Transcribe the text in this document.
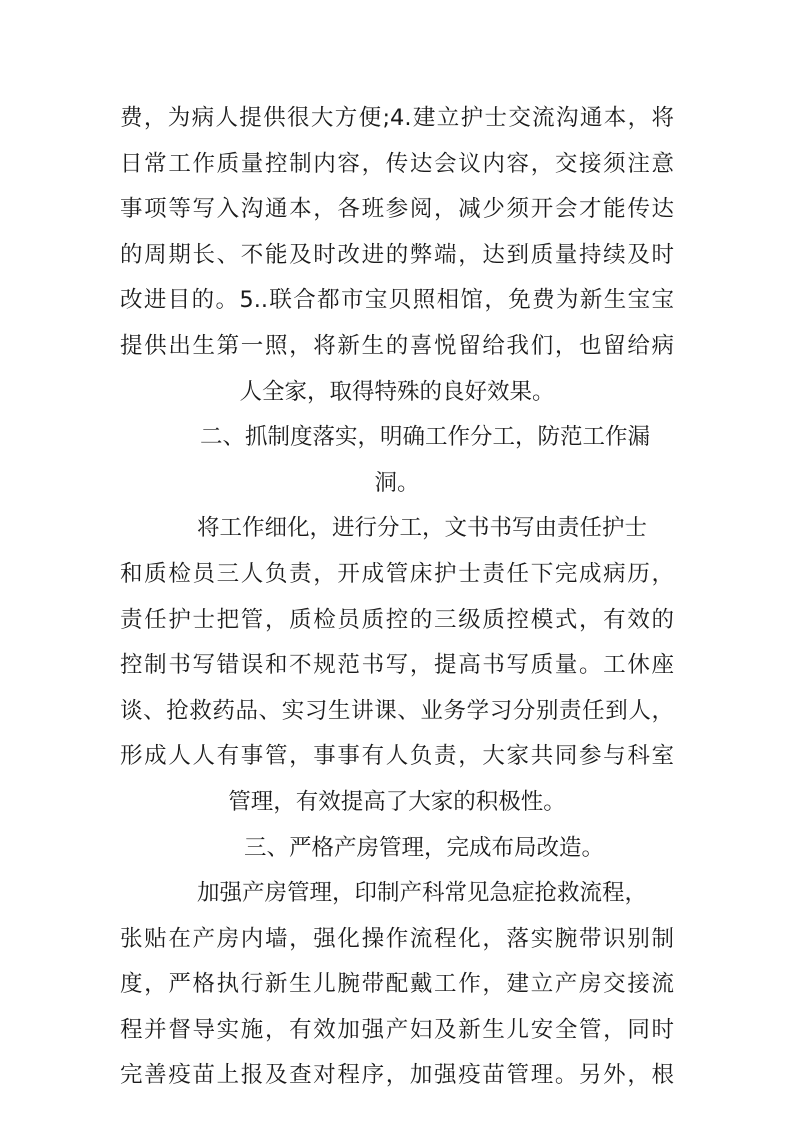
费，为病人提供很大方便;4.建立护士交流沟通本，将
日常工作质量控制内容，传达会议内容，交接须注意
事项等写入沟通本，各班参阅，减少须开会才能传达
的周期长、不能及时改进的弊端，达到质量持续及时
改进目的。5..联合都市宝贝照相馆，免费为新生宝宝
提供出生第一照，将新生的喜悦留给我们，也留给病
人全家，取得特殊的良好效果。
二、抓制度落实，明确工作分工，防范工作漏
洞。
将工作细化，进行分工，文书书写由责任护士
和质检员三人负责，开成管床护士责任下完成病历，
责任护士把管，质检员质控的三级质控模式，有效的
控制书写错误和不规范书写，提高书写质量。工休座
谈、抢救药品、实习生讲课、业务学习分别责任到人，
形成人人有事管，事事有人负责，大家共同参与科室
管理，有效提高了大家的积极性。
三、严格产房管理，完成布局改造。
加强产房管理，印制产科常见急症抢救流程，
张贴在产房内墙，强化操作流程化，落实腕带识别制
度，严格执行新生儿腕带配戴工作，建立产房交接流
程并督导实施，有效加强产妇及新生儿安全管，同时
完善疫苗上报及查对程序，加强疫苗管理。另外，根
